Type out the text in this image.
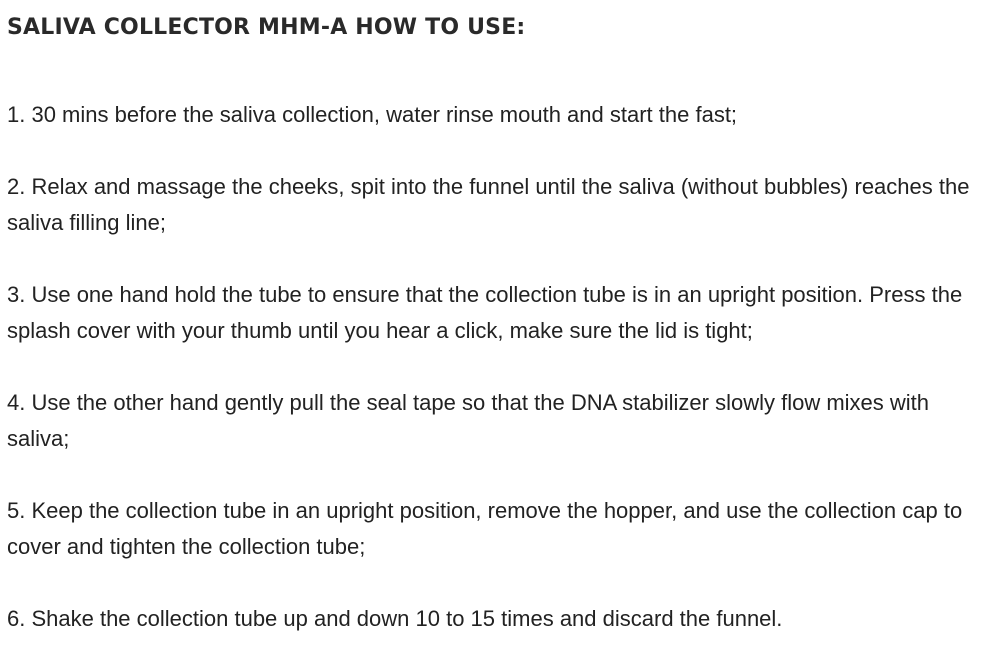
SALIVA COLLECTOR MHM-A HOW TO USE:

1. 30 mins before the saliva collection, water rinse mouth and start the fast;

2. Relax and massage the cheeks, spit into the funnel until the saliva (without bubbles) reaches the saliva filling line;

3. Use one hand hold the tube to ensure that the collection tube is in an upright position. Press the splash cover with your thumb until you hear a click, make sure the lid is tight;

4. Use the other hand gently pull the seal tape so that the DNA stabilizer slowly flow mixes with saliva;

5. Keep the collection tube in an upright position, remove the hopper, and use the collection cap to cover and tighten the collection tube;

6. Shake the collection tube up and down 10 to 15 times and discard the funnel.
